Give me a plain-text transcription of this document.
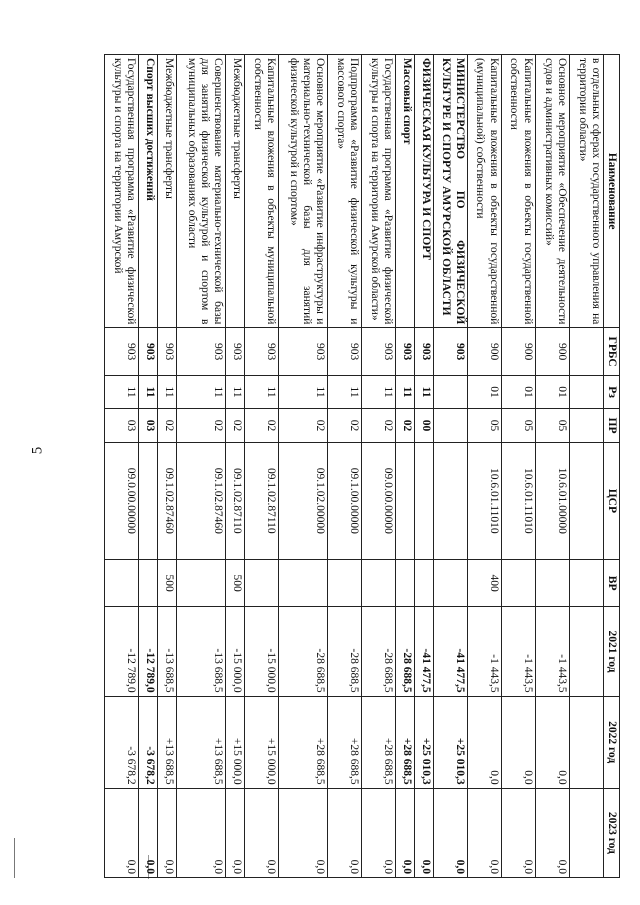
5
Наименование	ГРБС	Рз	ПР	ЦСР	ВР	2021 год	2022 год	2023 год
в отдельных сферах государственного управления на территории области»								
Основное мероприятие «Обеспечение деятельности судов и административных комиссий»	900	01	05	10.6.01.00000		-1 443,5	0,0	0,0
Капитальные вложения в объекты государственной собственности	900	01	05	10.6.01.11010		-1 443,5	0,0	0,0
Капитальные вложения в объекты государственной (муниципальной) собственности	900	01	05	10.6.01.11010	400	-1 443,5	0,0	0,0
МИНИСТЕРСТВО ПО ФИЗИЧЕСКОЙ КУЛЬТУРЕ И СПОРТУ АМУРСКОЙ ОБЛАСТИ	903					-41 477,5	+25 010,3	0,0
ФИЗИЧЕСКАЯ КУЛЬТУРА И СПОРТ	903	11	00			-41 477,5	+25 010,3	0,0
Массовый спорт	903	11	02			-28 688,5	+28 688,5	0,0
Государственная программа «Развитие физической культуры и спорта на территории Амурской области»	903	11	02	09.0.00.00000		-28 688,5	+28 688,5	0,0
Подпрограмма «Развитие физической культуры и массового спорта»	903	11	02	09.1.00.00000		-28 688,5	+28 688,5	0,0
Основное мероприятие «Развитие инфраструктуры и материально-технической базы для занятий физической культурой и спортом»	903	11	02	09.1.02.00000		-28 688,5	+28 688,5	0,0
Капитальные вложения в объекты муниципальной собственности	903	11	02	09.1.02.87110		-15 000,0	+15 000,0	0,0
Межбюджетные трансферты	903	11	02	09.1.02.87110	500	-15 000,0	+15 000,0	0,0
Совершенствование материально-технической базы для занятий физической культурой и спортом в муниципальных образованиях области	903	11	02	09.1.02.87460		-13 688,5	+13 688,5	0,0
Межбюджетные трансферты	903	11	02	09.1.02.87460	500	-13 688,5	+13 688,5	0,0
Спорт высших достижений	903	11	03			-12 789,0	-3 678,2	0,0
Государственная программа «Развитие физической культуры и спорта на территории Амурской	903	11	03	09.0.00.00000		-12 789,0	-3 678,2	0,0
